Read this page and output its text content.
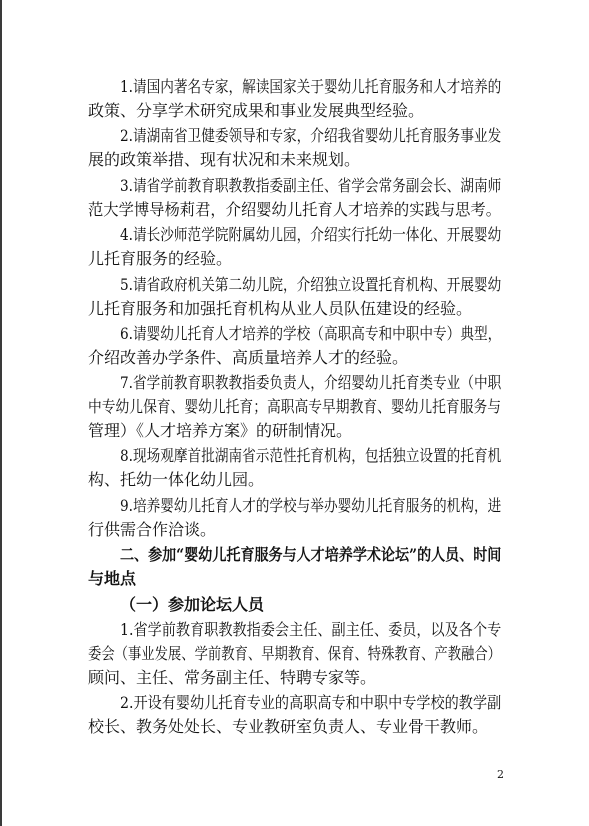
1.请国内著名专家，解读国家关于婴幼儿托育服务和人才培养的
政策、分享学术研究成果和事业发展典型经验。
2.请湖南省卫健委领导和专家，介绍我省婴幼儿托育服务事业发
展的政策举措、现有状况和未来规划。
3.请省学前教育职教教指委副主任、省学会常务副会长、湖南师
范大学博导杨莉君，介绍婴幼儿托育人才培养的实践与思考。
4.请长沙师范学院附属幼儿园，介绍实行托幼一体化、开展婴幼
儿托育服务的经验。
5.请省政府机关第二幼儿院，介绍独立设置托育机构、开展婴幼
儿托育服务和加强托育机构从业人员队伍建设的经验。
6.请婴幼儿托育人才培养的学校（高职高专和中职中专）典型，
介绍改善办学条件、高质量培养人才的经验。
7.省学前教育职教教指委负责人，介绍婴幼儿托育类专业（中职
中专幼儿保育、婴幼儿托育；高职高专早期教育、婴幼儿托育服务与
管理）《人才培养方案》的研制情况。
8.现场观摩首批湖南省示范性托育机构，包括独立设置的托育机
构、托幼一体化幼儿园。
9.培养婴幼儿托育人才的学校与举办婴幼儿托育服务的机构，进
行供需合作洽谈。
二、参加“婴幼儿托育服务与人才培养学术论坛”的人员、时间
与地点
（一）参加论坛人员
1.省学前教育职教教指委会主任、副主任、委员，以及各个专
委会（事业发展、学前教育、早期教育、保育、特殊教育、产教融合）
顾问、主任、常务副主任、特聘专家等。
2.开设有婴幼儿托育专业的高职高专和中职中专学校的教学副
校长、教务处处长、专业教研室负责人、专业骨干教师。
2
